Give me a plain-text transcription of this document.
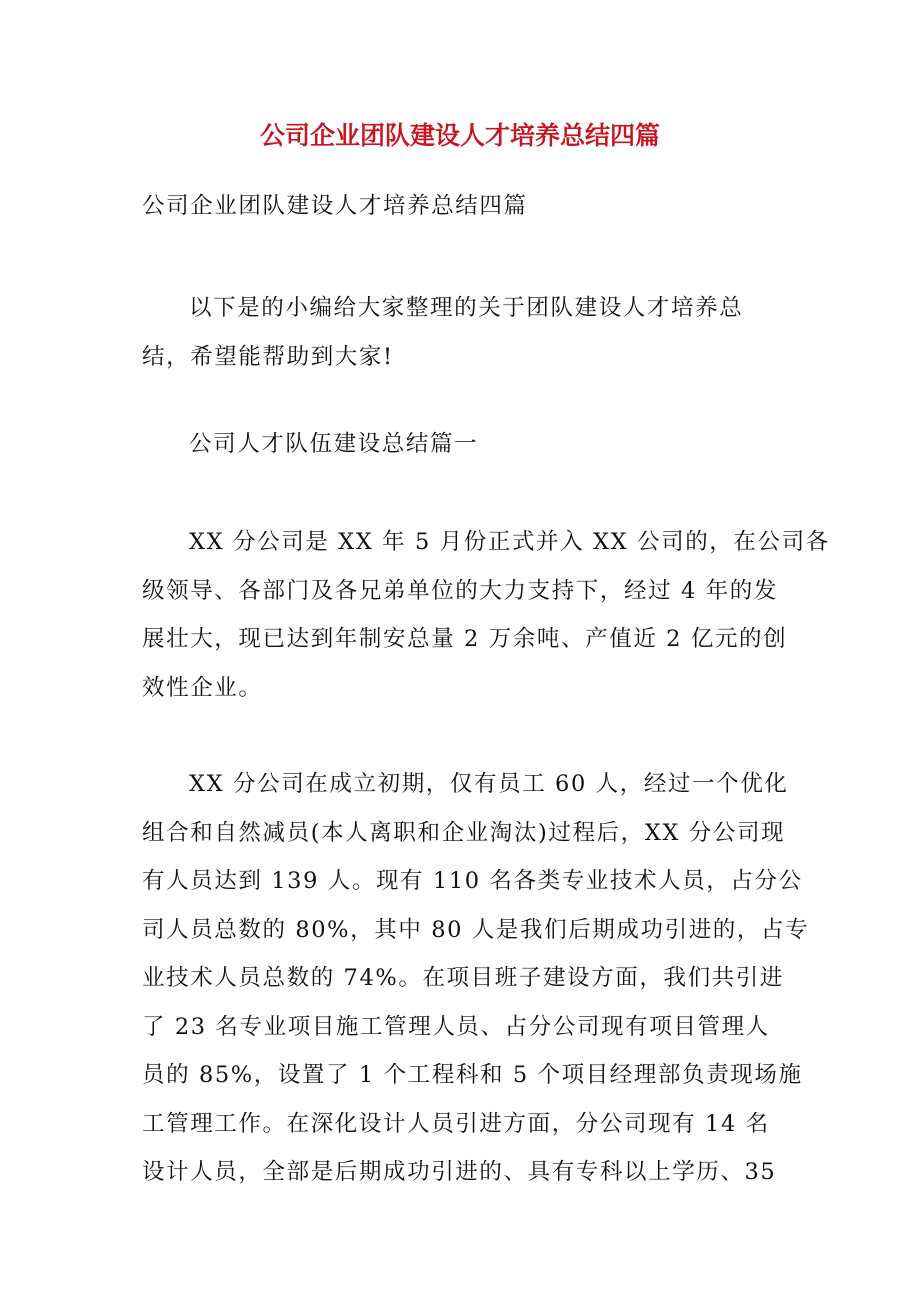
公司企业团队建设人才培养总结四篇
公司企业团队建设人才培养总结四篇
以下是的小编给大家整理的关于团队建设人才培养总
结，希望能帮助到大家!
公司人才队伍建设总结篇一
XX 分公司是 XX 年 5 月份正式并入 XX 公司的，在公司各
级领导、各部门及各兄弟单位的大力支持下，经过 4 年的发
展壮大，现已达到年制安总量 2 万余吨、产值近 2 亿元的创
效性企业。
XX 分公司在成立初期，仅有员工 60 人，经过一个优化
组合和自然减员(本人离职和企业淘汰)过程后，XX 分公司现
有人员达到 139 人。现有 110 名各类专业技术人员，占分公
司人员总数的 80%，其中 80 人是我们后期成功引进的，占专
业技术人员总数的 74%。在项目班子建设方面，我们共引进
了 23 名专业项目施工管理人员、占分公司现有项目管理人
员的 85%，设置了 1 个工程科和 5 个项目经理部负责现场施
工管理工作。在深化设计人员引进方面，分公司现有 14 名
设计人员，全部是后期成功引进的、具有专科以上学历、35
